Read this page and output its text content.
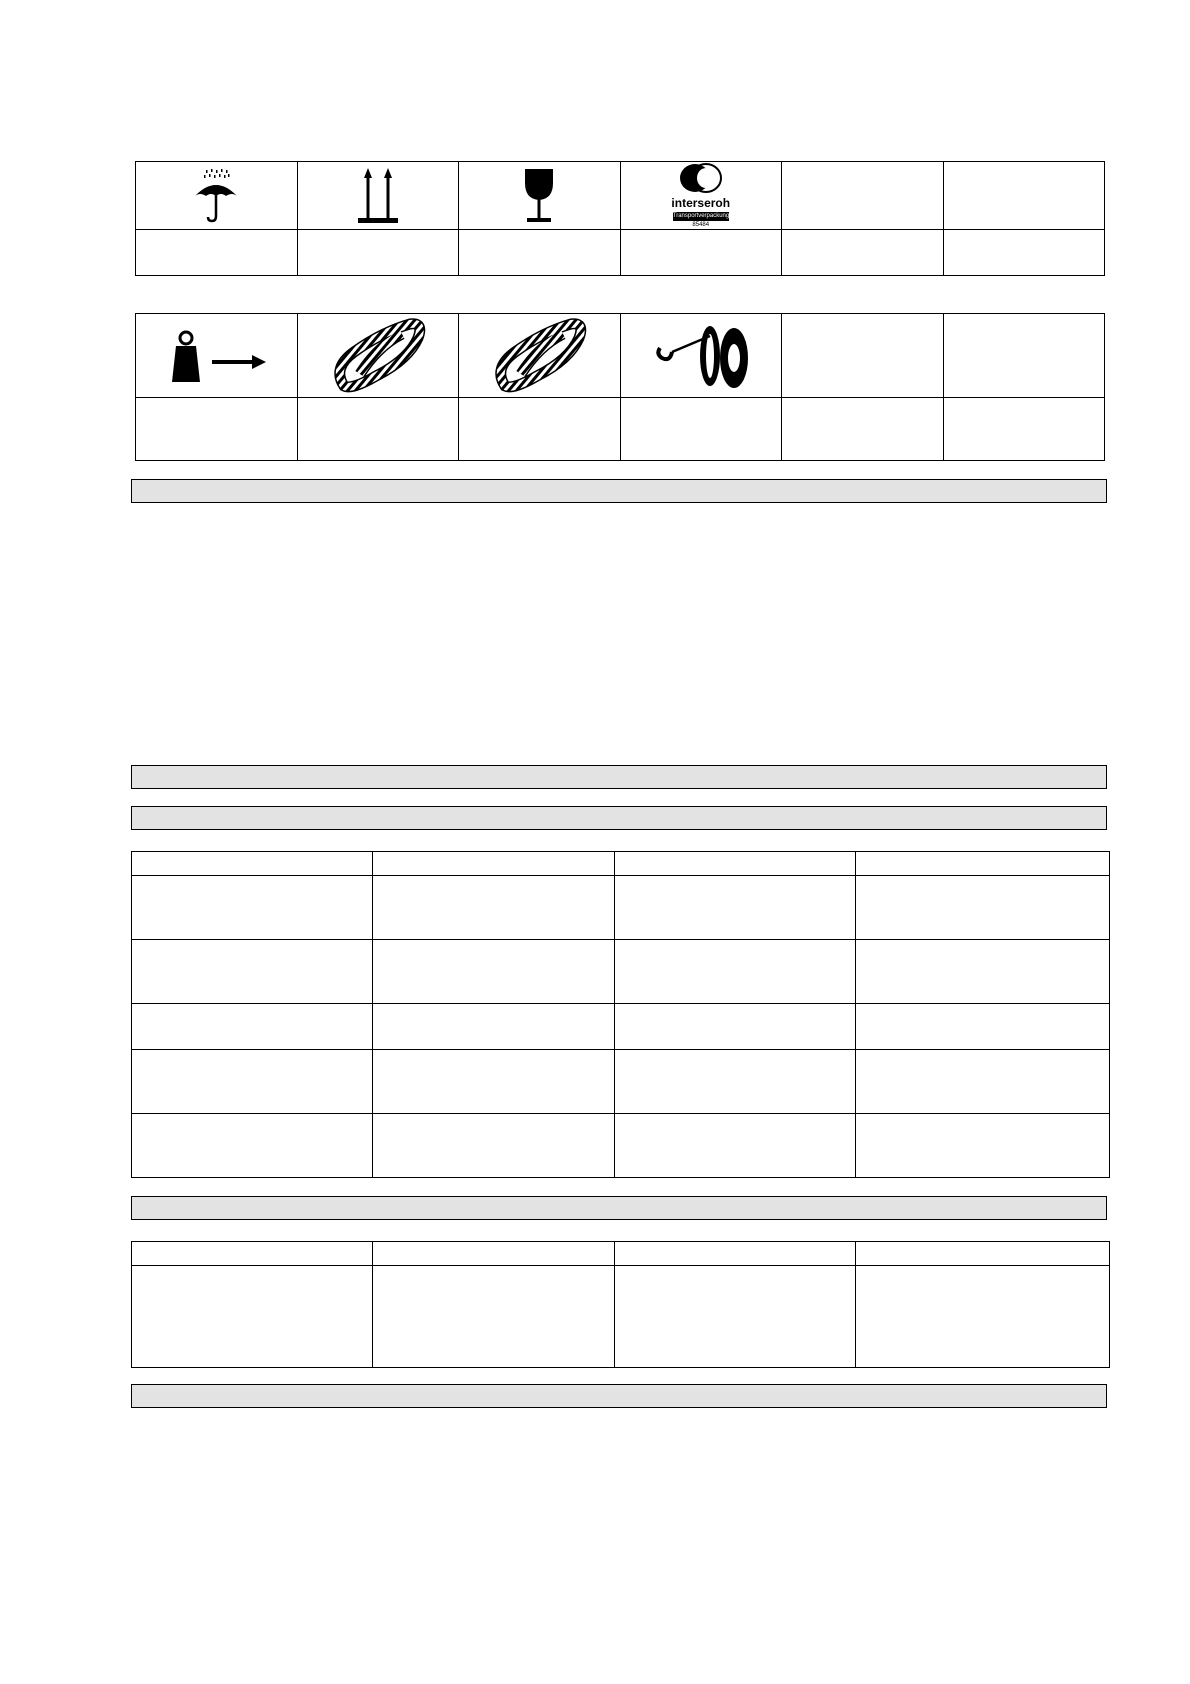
interseroh
Transportverpackung
85484		
